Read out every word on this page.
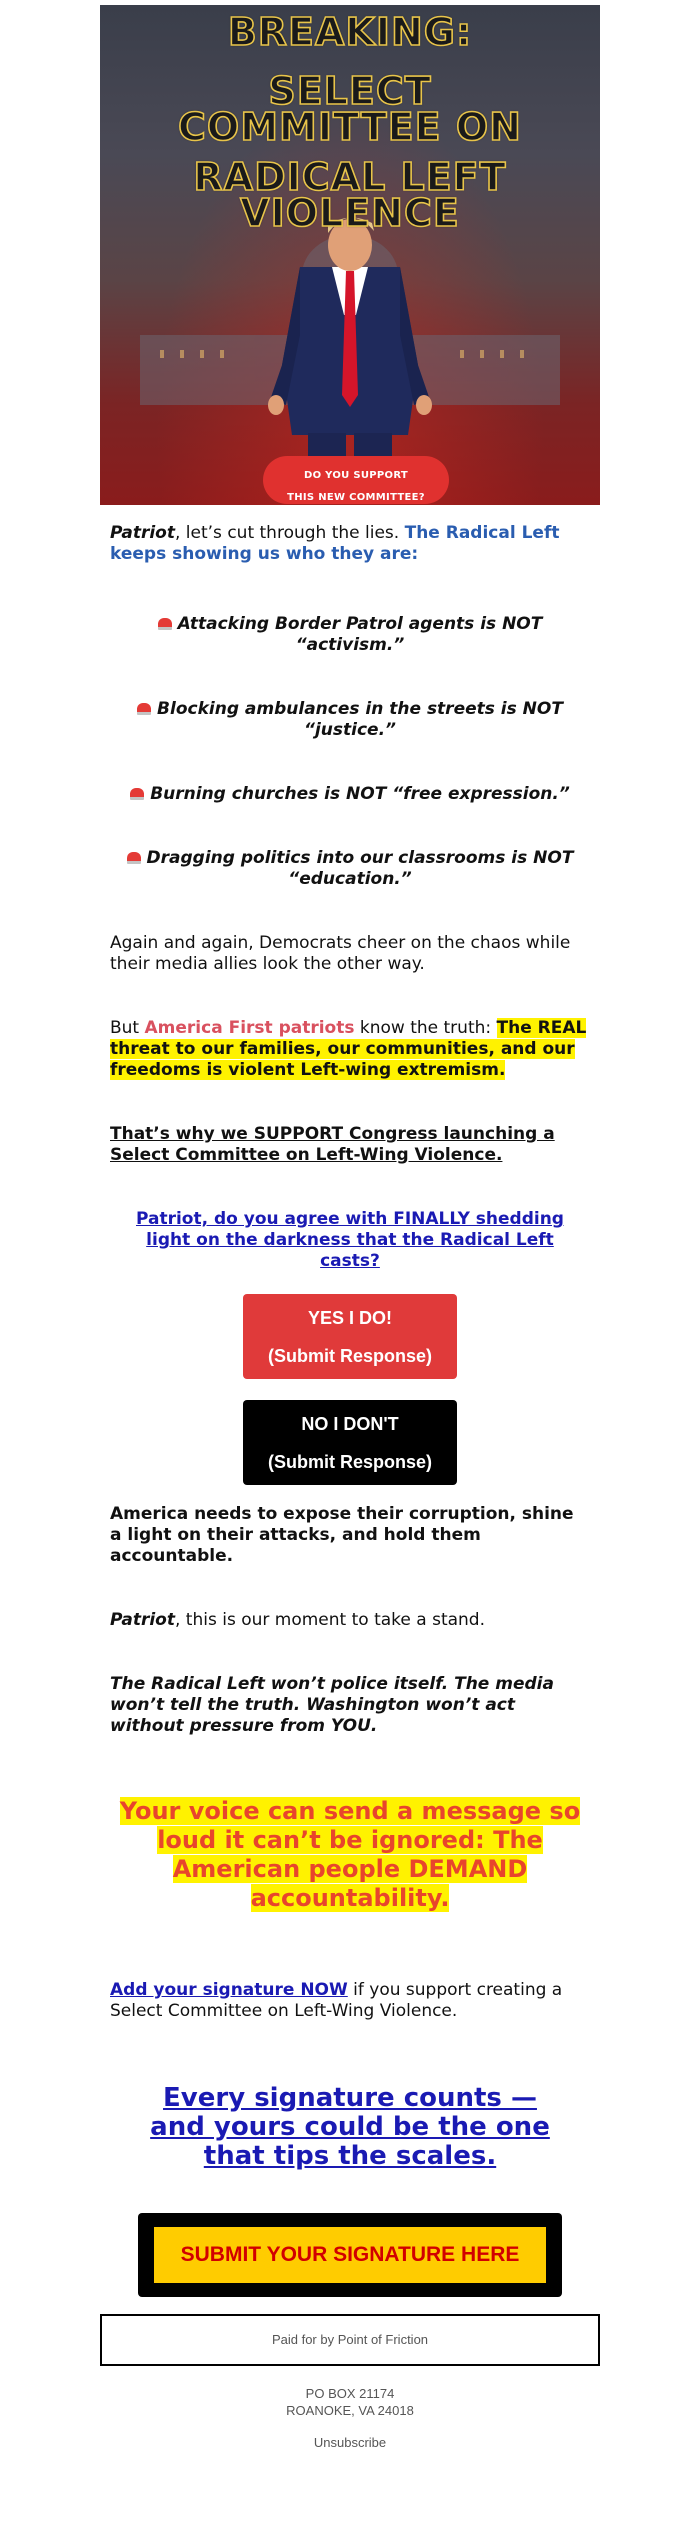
BREAKING:
SELECT
COMMITTEE ON
RADICAL LEFT
VIOLENCE
DO YOU SUPPORT
THIS NEW COMMITTEE?

Patriot, let’s cut through the lies. The Radical Left keeps showing us who they are:

Attacking Border Patrol agents is NOT “activism.”

Blocking ambulances in the streets is NOT “justice.”

Burning churches is NOT “free expression.”

Dragging politics into our classrooms is NOT “education.”

Again and again, Democrats cheer on the chaos while their media allies look the other way.

But America First patriots know the truth: The REAL threat to our families, our communities, and our freedoms is violent Left-wing extremism.

That’s why we SUPPORT Congress launching a Select Committee on Left-Wing Violence.

Patriot, do you agree with FINALLY shedding light on the darkness that the Radical Left casts?
YES I DO!
(Submit Response)
NO I DON'T
(Submit Response)

America needs to expose their corruption, shine a light on their attacks, and hold them accountable.

Patriot, this is our moment to take a stand.

The Radical Left won’t police itself. The media won’t tell the truth. Washington won’t act without pressure from YOU.

Your voice can send a message so loud it can’t be ignored: The American people DEMAND accountability.

Add your signature NOW if you support creating a Select Committee on Left-Wing Violence.

Every signature counts — and yours could be the one that tips the scales.
SUBMIT YOUR SIGNATURE HERE
Paid for by Point of Friction
PO BOX 21174
ROANOKE, VA 24018
Unsubscribe
